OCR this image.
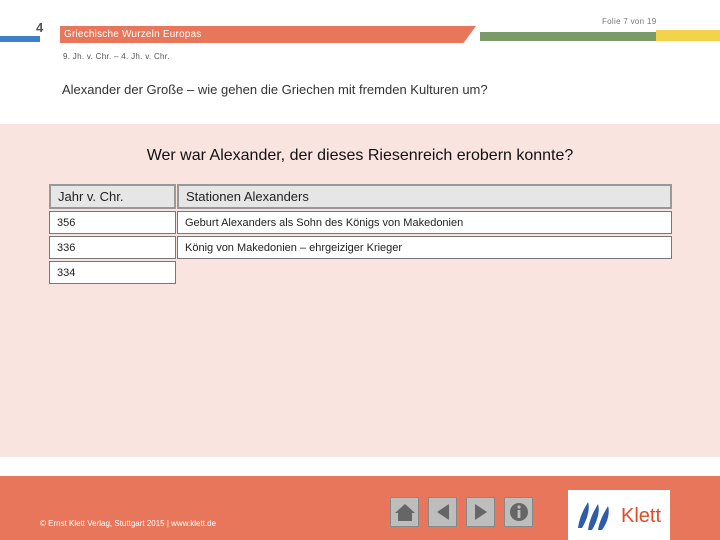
4 Griechische Wurzeln Europas
Folie 7 von 19
9. Jh. v. Chr. – 4. Jh. v. Chr.
Alexander der Große – wie gehen die Griechen mit fremden Kulturen um?
Wer war Alexander, der dieses Riesenreich erobern konnte?
Jahr v. Chr.	Stationen Alexanders
356	Geburt Alexanders als Sohn des Königs von Makedonien
336	König von Makedonien – ehrgeiziger Krieger
334
© Ernst Klett Verlag, Stuttgart 2015 | www.klett.de	Klett
